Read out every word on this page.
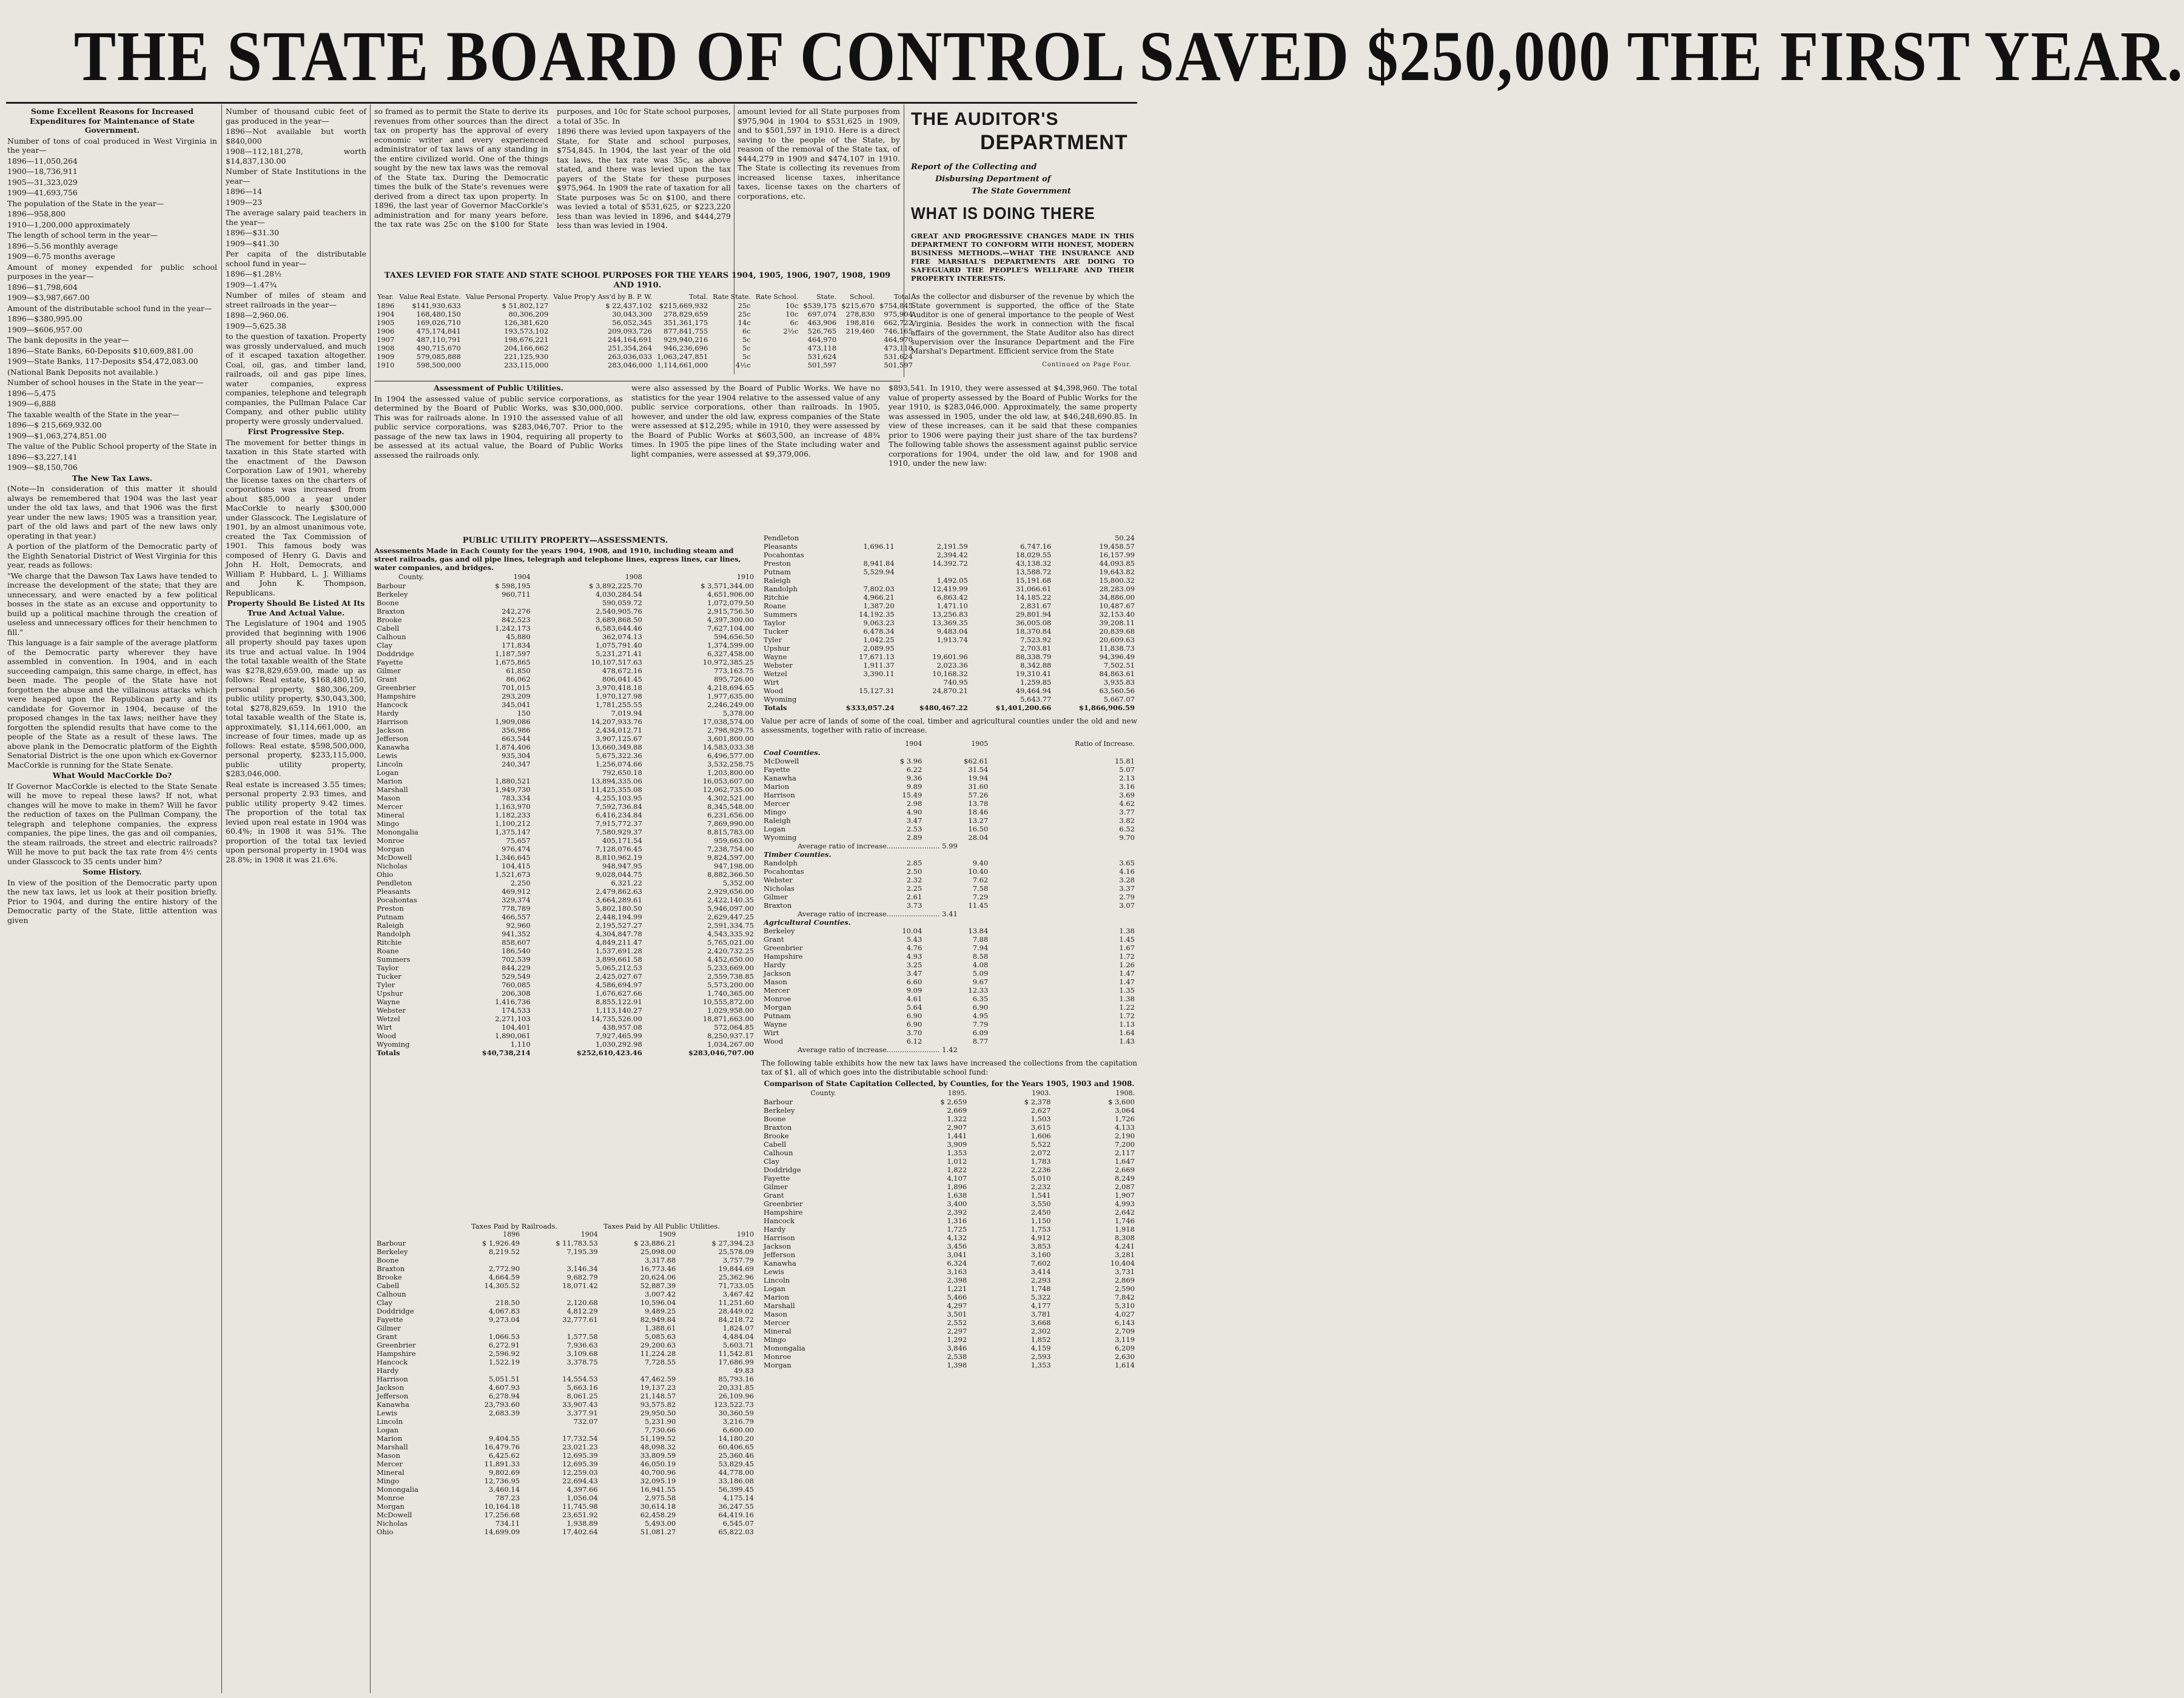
THE STATE BOARD OF CONTROL SAVED $250,000 THE FIRST YEAR.

Some Excellent Reasons for Increased Expenditures for Maintenance of State Government.

Number of tons of coal produced in West Virginia in the year—

1896—11,050,264

1900—18,736,911

1905—31,323,029

1909—41,693,756

The population of the State in the year—

1896—958,800

1910—1,200,000 approximately

The length of school term in the year—

1896—5.56 monthly average

1909—6.75 months average

Amount of money expended for public school purposes in the year—

1896—$1,798,604

1909—$3,987,667.00

Amount of the distributable school fund in the year—

1896—$380,995.00

1909—$606,957.00

The bank deposits in the year—

1896—State Banks, 60-Deposits $10,609,881.00

1909—State Banks, 117-Deposits $54,472,083.00

(National Bank Deposits not available.)

Number of school houses in the State in the year—

1896—5,475

1909—6,888

The taxable wealth of the State in the year—

1896—$ 215,669,932.00

1909—$1,063,274,851.00

The value of the Public School property of the State in

1896—$3,227,141

1909—$8,150,706

The New Tax Laws.

(Note—In consideration of this matter it should always be remembered that 1904 was the last year under the old tax laws, and that 1906 was the first year under the new laws; 1905 was a transition year, part of the old laws and part of the new laws only operating in that year.)

A portion of the platform of the Democratic party of the Eighth Senatorial District of West Virginia for this year, reads as follows:

"We charge that the Dawson Tax Laws have tended to increase the development of the state; that they are unnecessary, and were enacted by a few political bosses in the state as an excuse and opportunity to build up a political machine through the creation of useless and unnecessary offices for their henchmen to fill."

This language is a fair sample of the average platform of the Democratic party wherever they have assembled in convention. In 1904, and in each succeeding campaign, this same charge, in effect, has been made. The people of the State have not forgotten the abuse and the villainous attacks which were heaped upon the Republican party and its candidate for Governor in 1904, because of the proposed changes in the tax laws; neither have they forgotten the splendid results that have come to the people of the State as a result of these laws. The above plank in the Democratic platform of the Eighth Senatorial District is the one upon which ex-Governor MacCorkle is running for the State Senate.

What Would MacCorkle Do?

If Governor MacCorkle is elected to the State Senate will he move to repeal these laws? If not, what changes will he move to make in them? Will he favor the reduction of taxes on the Pullman Company, the telegraph and telephone companies, the express companies, the pipe lines, the gas and oil companies, the steam railroads, the street and electric railroads? Will he move to put back the tax rate from 4½ cents under Glasscock to 35 cents under him?

Some History.

In view of the position of the Democratic party upon the new tax laws, let us look at their position briefly. Prior to 1904, and during the entire history of the Democratic party of the State, little attention was given

Number of thousand cubic feet of gas produced in the year—

1896—Not available but worth $840,000

1908—112,181,278, worth $14,837,130.00

Number of State Institutions in the year—

1896—14

1909—23

The average salary paid teachers in the year—

1896—$31.30

1909—$41.30

Per capita of the distributable school fund in year—

1896—$1.28½

1909—1.47¾

Number of miles of steam and street railroads in the year—

1898—2,960.06.

1909—5,625.38

to the question of taxation. Property was grossly undervalued, and much of it escaped taxation altogether. Coal, oil, gas, and timber land, railroads, oil and gas pipe lines, water companies, express companies, telephone and telegraph companies, the Pullman Palace Car Company, and other public utility property were grossly undervalued.

First Progressive Step.

The movement for better things in taxation in this State started with the enactment of the Dawson Corporation Law of 1901, whereby the license taxes on the charters of corporations was increased from about $85,000 a year under MacCorkle to nearly $300,000 under Glasscock. The Legislature of 1901, by an almost unanimous vote, created the Tax Commission of 1901. This famous body was composed of Henry G. Davis and John H. Holt, Democrats, and William P. Hubbard, L. J. Williams and John K. Thompson, Republicans.

Property Should Be Listed At Its True And Actual Value.

The Legislature of 1904 and 1905 provided that beginning with 1906 all property should pay taxes upon its true and actual value. In 1904 the total taxable wealth of the State was $278,829,659.00, made up as follows: Real estate, $168,480,150, personal property, $80,306,209, public utility property, $30,043,300, total $278,829,659. In 1910 the total taxable wealth of the State is, approximately, $1,114,661,000, an increase of four times, made up as follows: Real estate, $598,500,000, personal property, $233,115,000, public utility property, $283,046,000.

Real estate is increased 3.55 times; personal property 2.93 times, and public utility property 9.42 times. The proportion of the total tax levied upon real estate in 1904 was 60.4%; in 1908 it was 51%. The proportion of the total tax levied upon personal property in 1904 was 28.8%; in 1908 it was 21.6%.

so framed as to permit the State to derive its revenues from other sources than the direct tax on property has the approval of every economic writer and every experienced administrator of tax laws of any standing in the entire civilized world. One of the things sought by the new tax laws was the removal of the State tax. During the Democratic times the bulk of the State's revenues were derived from a direct tax upon property. In 1896, the last year of Governor MacCorkle's administration and for many years before, the tax rate was 25c on the $100 for State purposes, and 10c for State school purposes, a total of 35c. In

1896 there was levied upon taxpayers of the State, for State and school purposes, $754,845. In 1904, the last year of the old tax laws, the tax rate was 35c, as above stated, and there was levied upon the tax payers of the State for these purposes $975,964. In 1909 the rate of taxation for all State purposes was 5c on $100, and there was levied a total of $531,625, or $223,220 less than was levied in 1896, and $444,279 less than was levied in 1904.

amount levied for all State purposes from $975,904 in 1904 to $531,625 in 1909, and to $501,597 in 1910. Here is a direct saving to the people of the State, by reason of the removal of the State tax, of $444,279 in 1909 and $474,107 in 1910. The State is collecting its revenues from increased license taxes, inheritance taxes, license taxes on the charters of corporations, etc.

THE AUDITOR'S
DEPARTMENT
Report of the Collecting and
Disbursing Department of
The State Government
WHAT IS DOING THERE
GREAT AND PROGRESSIVE CHANGES MADE IN THIS DEPARTMENT TO CONFORM WITH HONEST, MODERN BUSINESS METHODS.—WHAT THE INSURANCE AND FIRE MARSHAL'S DEPARTMENTS ARE DOING TO SAFEGUARD THE PEOPLE'S WELLFARE AND THEIR PROPERTY INTERESTS.
As the collector and disburser of the revenue by which the State government is supported, the office of the State Auditor is one of general importance to the people of West Virginia. Besides the work in connection with the fiscal affairs of the government, the State Auditor also has direct supervision over the Insurance Department and the Fire Marshal's Department. Efficient service from the State
Continued on Page Four.
TAXES LEVIED FOR STATE AND STATE SCHOOL PURPOSES FOR THE YEARS 1904, 1905, 1906, 1907, 1908, 1909 AND 1910.
Year.	Value Real Estate.	Value Personal Property.	Value Prop'y Ass'd by B. P. W.	Total.	Rate State.	Rate School.	State.	School.	Total.
1896	$141,930,633	$ 51,802,127	$ 22,437,102	$215,669,932	25c	10c	$539,175	$215,670	$754,845
1904	168,480,150	80,306,209	30,043,300	278,829,659	25c	10c	697,074	278,830	975,904
1905	169,026,710	126,381,620	56,052,345	351,361,175	14c	6c	463,906	198,816	662,722
1906	475,174,841	193,573,102	209,093,726	877,841,755	6c	2½c	526,765	219,460	746,165
1907	487,110,791	198,676,221	244,164,691	929,940,216	5c		464,970		464,970
1908	490,715,670	204,166,662	251,354,264	946,236,696	5c		473,118		473,118
1909	579,085,888	221,125,930	263,036,033	1,063,247,851	5c		531,624		531,624
1910	598,500,000	233,115,000	283,046,000	1,114,661,000	4½c		501,597		501,597

Assessment of Public Utilities.

In 1904 the assessed value of public service corporations, as determined by the Board of Public Works, was $30,000,000. This was for railroads alone. In 1910 the assessed value of all public service corporations, was $283,046,707. Prior to the passage of the new tax laws in 1904, requiring all property to be assessed at its actual value, the Board of Public Works assessed the railroads only.

were also assessed by the Board of Public Works. We have no statistics for the year 1904 relative to the assessed value of any public service corporations, other than railroads. In 1905, however, and under the old law, express companies of the State were assessed at $12,295; while in 1910, they were assessed by the Board of Public Works at $603,500, an increase of 48¾ times. In 1905 the pipe lines of the State including water and light companies, were assessed at $9,379,006.

$893,541. In 1910, they were assessed at $4,398,960. The total value of property assessed by the Board of Public Works for the year 1910, is $283,046,000. Approximately, the same property was assessed in 1905, under the old law, at $46,248,690.85. In view of these increases, can it be said that these companies prior to 1906 were paying their just share of the tax burdens? The following table shows the assessment against public service corporations for 1904, under the old law, and for 1908 and 1910, under the new law:

PUBLIC UTILITY PROPERTY—ASSESSMENTS.
Assessments Made in Each County for the years 1904, 1908, and 1910, including steam and street railroads, gas and oil pipe lines, telegraph and telephone lines, express lines, car lines, water companies, and bridges.
County.	1904	1908	1910
Barbour	$ 598,195	$ 3,892,225.70	$ 3,571,344.00
Berkeley	960,711	4,030,284.54	4,651,906.00
Boone		590,059.72	1,072,079.50
Braxton	242,276	2,540,905.76	2,915,756.50
Brooke	842,523	3,689,868.50	4,397,300.00
Cabell	1,242,173	6,583,644.46	7,627,104.00
Calhoun	45,880	362,074.13	594,656.50
Clay	171,834	1,075,791.40	1,374,599.00
Doddridge	1,187,597	5,231,271.41	6,327,458.00
Fayette	1,675,865	10,107,517.63	10,972,385.25
Gilmer	61,850	478,672.16	773,163.75
Grant	86,062	806,041.45	895,726.00
Greenbrier	701,015	3,970,418.18	4,218,694.65
Hampshire	293,209	1,970,127.98	1,977,635.00
Hancock	345,041	1,781,255.55	2,246,249.00
Hardy	150	7,019.94	5,378.00
Harrison	1,909,086	14,207,933.76	17,038,574.00
Jackson	356,986	2,434,012.71	2,798,929.75
Jefferson	663,544	3,907,125.67	3,601,800.00
Kanawha	1,874,406	13,660,349.88	14,583,033.38
Lewis	935,304	5,675,322.36	6,496,577.00
Lincoln	240,347	1,256,074.66	3,532,258.75
Logan		792,650.18	1,203,800.00
Marion	1,880,521	13,894,335.06	16,053,607.00
Marshall	1,949,730	11,425,355.08	12,062,735.00
Mason	783,334	4,255,103.95	4,302,521.00
Mercer	1,163,970	7,592,736.84	8,345,548.00
Mineral	1,182,233	6,416,234.84	6,231,656.00
Mingo	1,100,212	7,915,772.37	7,869,990.00
Monongalia	1,375,147	7,580,929.37	8,815,783.00
Monroe	75,657	405,171.54	959,663.00
Morgan	976,474	7,128,076.45	7,238,754.00
McDowell	1,346,645	8,810,962.19	9,824,597.00
Nicholas	104,415	948,947.95	947,198.00
Ohio	1,521,673	9,028,044.75	8,882,366.50
Pendleton	2,250	6,321.22	5,352.00
Pleasants	469,912	2,479,862.63	2,929,656.00
Pocahontas	329,374	3,664,289.61	2,422,140.35
Preston	778,789	5,802,180.50	5,946,097.00
Putnam	466,557	2,448,194.99	2,629,447.25
Raleigh	92,960	2,195,527.27	2,591,334.75
Randolph	941,352	4,304,847.78	4,543,335.92
Ritchie	858,607	4,849,211.47	5,765,021.00
Roane	186,540	1,537,691.28	2,420,732.25
Summers	702,539	3,899,661.58	4,452,650.00
Taylor	844,229	5,065,212.53	5,233,669.00
Tucker	529,549	2,425,027.67	2,559,738.85
Tyler	760,085	4,586,694.97	5,573,200.00
Upshur	206,308	1,676,627.66	1,740,365.00
Wayne	1,416,736	8,855,122.91	10,555,872.00
Webster	174,533	1,113,140.27	1,029,958.00
Wetzel	2,271,103	14,735,526.00	18,871,663.00
Wirt	104,401	438,957.08	572,064.85
Wood	1,890,061	7,927,465.99	8,250,937.17
Wyoming	1,110	1,030,292.98	1,034,267.00
Totals	$40,738,214	$252,610,423.46	$283,046,707.00
Pendleton				50.24
Pleasants	1,696.11	2,191.59	6,747.16	19,458.57
Pocahontas		2,394.42	18,029.55	16,157.99
Preston	8,941.84	14,392.72	43,138.32	44,093.85
Putnam	5,529.94		13,588.72	19,643.82
Raleigh		1,492.05	15,191.68	15,800.32
Randolph	7,802.03	12,419.99	31,066.61	28,283.09
Ritchie	4,966.21	6,863.42	14,185.22	34,886.00
Roane	1,387.20	1,471.10	2,831.67	10,487.67
Summers	14,192.35	13,256.83	29,801.94	32,153.40
Taylor	9,063.23	13,369.35	36,005.08	39,208.11
Tucker	6,478.34	9,483.04	18,370.84	20,839.68
Tyler	1,042.25	1,913.74	7,523.92	20,609.63
Upshur	2,089.95		2,703.81	11,838.73
Wayne	17,671.13	19,601.96	88,338.79	94,396.49
Webster	1,911.37	2,023.36	8,342.88	7,502.51
Wetzel	3,390.11	10,168.32	19,310.41	84,863.61
Wirt		740.95	1,259.85	3,935.83
Wood	15,127.31	24,870.21	49,464.94	63,560.56
Wyoming			5,643.77	5,667.07
Totals	$333,057.24	$480,467.22	$1,401,200.66	$1,866,906.59
Value per acre of lands of some of the coal, timber and agricultural counties under the old and new assessments, together with ratio of increase.
	1904	1905	Ratio of Increase.
Coal Counties.			
McDowell	$ 3.96	$62.61	15.81
Fayette	6.22	31.54	5.07
Kanawha	9.36	19.94	2.13
Marion	9.89	31.60	3.16
Harrison	15.49	57.26	3.69
Mercer	2.98	13.78	4.62
Mingo	4.90	18.46	3.77
Raleigh	3.47	13.27	3.82
Logan	2.53	16.50	6.52
Wyoming	2.89	28.04	9.70
Average ratio of increase........................ 5.99			
Timber Counties.			
Randolph	2.85	9.40	3.65
Pocahontas	2.50	10.40	4.16
Webster	2.32	7.62	3.28
Nicholas	2.25	7.58	3.37
Gilmer	2.61	7.29	2.79
Braxton	3.73	11.45	3.07
Average ratio of increase........................ 3.41			
Agricultural Counties.			
Berkeley	10.04	13.84	1.38
Grant	5.43	7.88	1.45
Greenbrier	4.76	7.94	1.67
Hampshire	4.93	8.58	1.72
Hardy	3.25	4.08	1.26
Jackson	3.47	5.09	1.47
Mason	6.60	9.67	1.47
Mercer	9.09	12.33	1.35
Monroe	4.61	6.35	1.38
Morgan	5.64	6.90	1.22
Putnam	6.90	4.95	1.72
Wayne	6.90	7.79	1.13
Wirt	3.70	6.09	1.64
Wood	6.12	8.77	1.43
Average ratio of increase........................ 1.42			
The following table exhibits how the new tax laws have increased the collections from the capitation tax of $1, all of which goes into the distributable school fund:
Comparison of State Capitation Collected, by Counties, for the Years 1905, 1903 and 1908.
County.	1895.	1903.	1908.
Barbour	$ 2,659	$ 2,378	$ 3,600
Berkeley	2,669	2,627	3,064
Boone	1,322	1,503	1,726
Braxton	2,907	3,615	4,133
Brooke	1,441	1,606	2,190
Cabell	3,909	5,522	7,200
Calhoun	1,353	2,072	2,117
Clay	1,012	1,783	1,647
Doddridge	1,822	2,236	2,669
Fayette	4,107	5,010	8,249
Gilmer	1,896	2,232	2,087
Grant	1,638	1,541	1,907
Greenbrier	3,400	3,550	4,993
Hampshire	2,392	2,450	2,642
Hancock	1,316	1,150	1,746
Hardy	1,725	1,753	1,918
Harrison	4,132	4,912	8,308
Jackson	3,456	3,853	4,241
Jefferson	3,041	3,160	3,281
Kanawha	6,324	7,602	10,404
Lewis	3,163	3,414	3,731
Lincoln	2,398	2,293	2,869
Logan	1,221	1,748	2,590
Marion	5,466	5,322	7,842
Marshall	4,297	4,177	5,310
Mason	3,501	3,781	4,027
Mercer	2,552	3,668	6,143
Mineral	2,297	2,302	2,709
Mingo	1,292	1,852	3,119
Monongalia	3,846	4,159	6,209
Monroe	2,538	2,593	2,630
Morgan	1,398	1,353	1,614
Taxes Paid by Railroads.	Taxes Paid by All Public Utilities.
	1896	1904	1909	1910
Barbour	$ 1,926.49	$ 11,783.53	$ 23,886.21	$ 27,394.23
Berkeley	8,219.52	7,195.39	25,098.00	25,578.09
Boone			3,317.88	3,757.79
Braxton	2,772.90	3,146.34	16,773.46	19,844.69
Brooke	4,664.59	9,682.79	20,624.06	25,362.96
Cabell	14,305.52	18,071.42	52,887.39	71,733.05
Calhoun			3,007.42	3,467.42
Clay	218.50	2,120.68	10,596.04	11,251.60
Doddridge	4,067.83	4,812.29	9,489.25	28,449.02
Fayette	9,273.04	32,777.61	82,949.84	84,218.72
Gilmer			1,388.61	1,824.07
Grant	1,066.53	1,577.58	5,085.63	4,484.04
Greenbrier	6,272.91	7,936.63	29,200.63	5,603.71
Hampshire	2,596.92	3,109.68	11,224.28	11,542.81
Hancock	1,522.19	3,378.75	7,728.55	17,686.99
Hardy				49.83
Harrison	5,051.51	14,554.53	47,462.59	85,793.16
Jackson	4,607.93	5,663.16	19,137.23	20,331.85
Jefferson	6,278.94	8,061.25	21,148.57	26,109.96
Kanawha	23,793.60	33,907.43	93,575.82	123,522.73
Lewis	2,683.39	3,377.91	29,950.50	30,360.59
Lincoln		732.07	5,231.90	3,216.79
Logan			7,730.66	6,600.00
Marion	9,404.55	17,732.54	51,199.52	14,180.20
Marshall	16,479.76	23,021.23	48,098.32	60,406.65
Mason	6,425.62	12,695.39	33,809.59	25,360.46
Mercer	11,891.33	12,695.39	46,050.19	53,829.45
Mineral	9,802.69	12,259.03	40,700.96	44,778.00
Mingo	12,736.95	22,694.43	32,095.19	33,186.08
Monongalia	3,460.14	4,397.66	16,941.55	56,399.45
Monroe	787.23	1,056.04	2,975.58	4,175.14
Morgan	10,164.18	11,745.98	30,614.18	36,247.55
McDowell	17,256.68	23,651.92	62,458.29	64,419.16
Nicholas	734.11	1,938.89	5,493.00	6,545.07
Ohio	14,699.09	17,402.64	51,081.27	65,822.03
